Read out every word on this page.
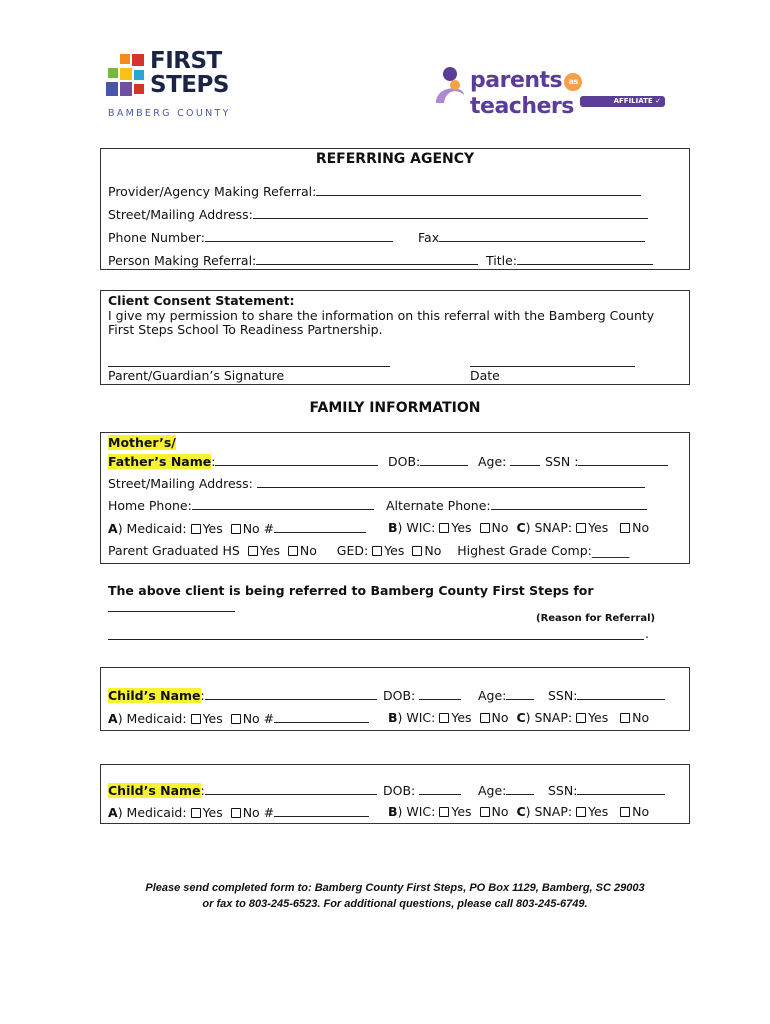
FIRST
STEPS
BAMBERG COUNTY
parents asteachers	AFFILIATE ✓
REFERRING AGENCY
Provider/Agency Making Referral:
Street/Mailing Address:
Phone Number:	Fax
Person Making Referral:	Title:
Client Consent Statement:
I give my permission to share the information on this referral with the Bamberg County
First Steps School To Readiness Partnership.
Parent/Guardian’s Signature	Date
FAMILY INFORMATION
Mother’s/
Father’s Name:	DOB:	Age:	SSN :
Street/Mailing Address:
Home Phone:	Alternate Phone:
A) Medicaid: Yes No #	B) WIC: Yes No C) SNAP: Yes No
Parent Graduated HS Yes No GED: Yes No Highest Grade Comp:______
The above client is being referred to Bamberg County First Steps for
(Reason for Referral)
.
Child’s Name:	DOB:	Age:	SSN:
A) Medicaid: Yes No #	B) WIC: Yes No C) SNAP: Yes No
Child’s Name:	DOB:	Age:	SSN:
A) Medicaid: Yes No #	B) WIC: Yes No C) SNAP: Yes No
Please send completed form to: Bamberg County First Steps, PO Box 1129, Bamberg, SC 29003
or fax to 803-245-6523. For additional questions, please call 803-245-6749.
